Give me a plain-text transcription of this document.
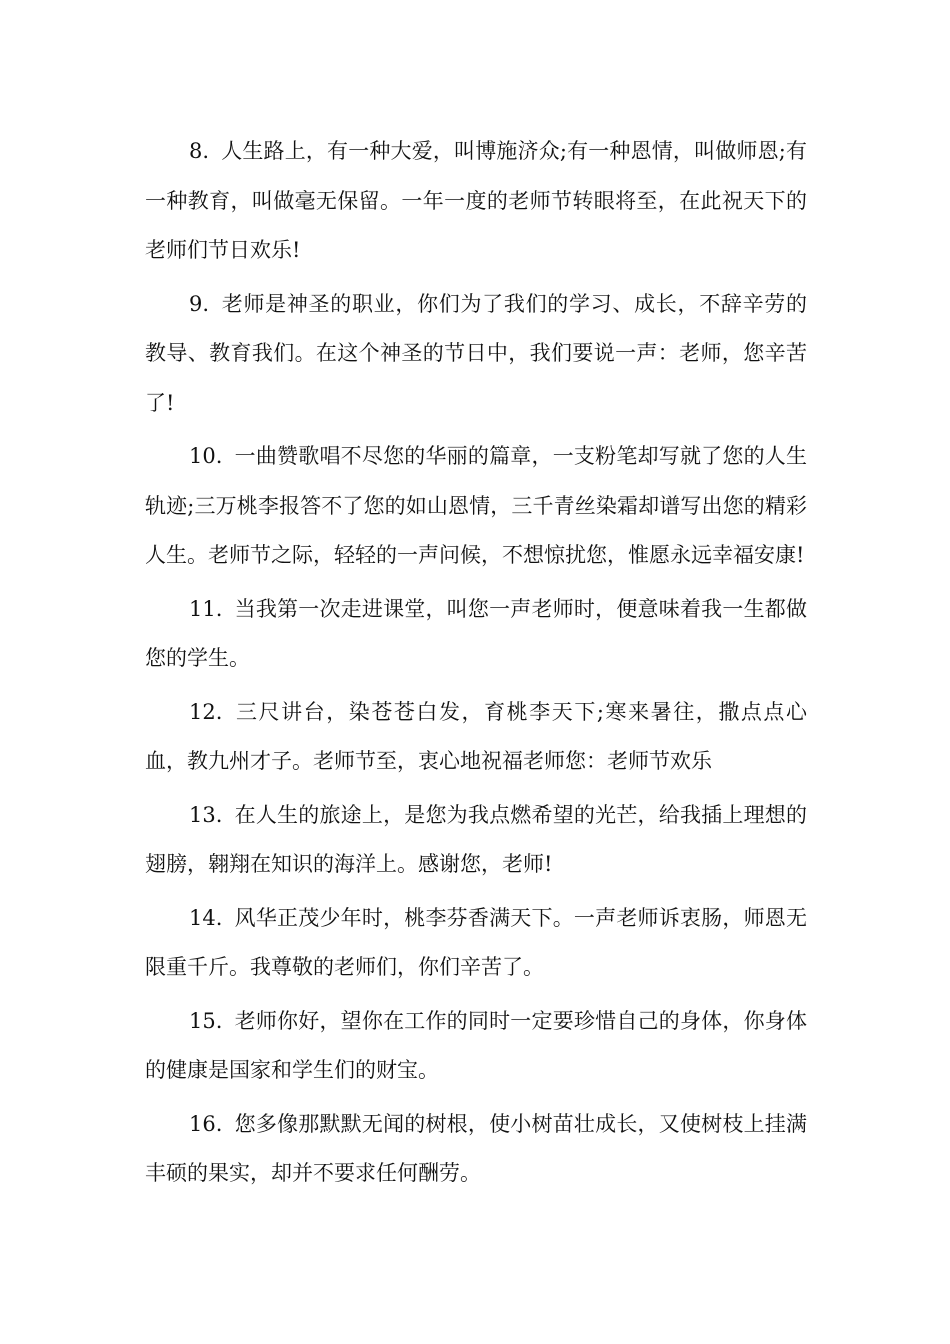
8. 人生路上，有一种大爱，叫博施济众;有一种恩情，叫做师恩;有一种教育，叫做毫无保留。一年一度的老师节转眼将至，在此祝天下的老师们节日欢乐!

9. 老师是神圣的职业，你们为了我们的学习、成长，不辞辛劳的教导、教育我们。在这个神圣的节日中，我们要说一声：老师，您辛苦了!

10. 一曲赞歌唱不尽您的华丽的篇章，一支粉笔却写就了您的人生轨迹;三万桃李报答不了您的如山恩情，三千青丝染霜却谱写出您的精彩人生。老师节之际，轻轻的一声问候，不想惊扰您，惟愿永远幸福安康!

11. 当我第一次走进课堂，叫您一声老师时，便意味着我一生都做您的学生。

12. 三尺讲台，染苍苍白发，育桃李天下;寒来暑往，撒点点心血，教九州才子。老师节至，衷心地祝福老师您：老师节欢乐

13. 在人生的旅途上，是您为我点燃希望的光芒，给我插上理想的翅膀，翱翔在知识的海洋上。感谢您，老师!

14. 风华正茂少年时，桃李芬香满天下。一声老师诉衷肠，师恩无限重千斤。我尊敬的老师们，你们辛苦了。

15. 老师你好，望你在工作的同时一定要珍惜自己的身体，你身体的健康是国家和学生们的财宝。

16. 您多像那默默无闻的树根，使小树苗壮成长，又使树枝上挂满丰硕的果实，却并不要求任何酬劳。
